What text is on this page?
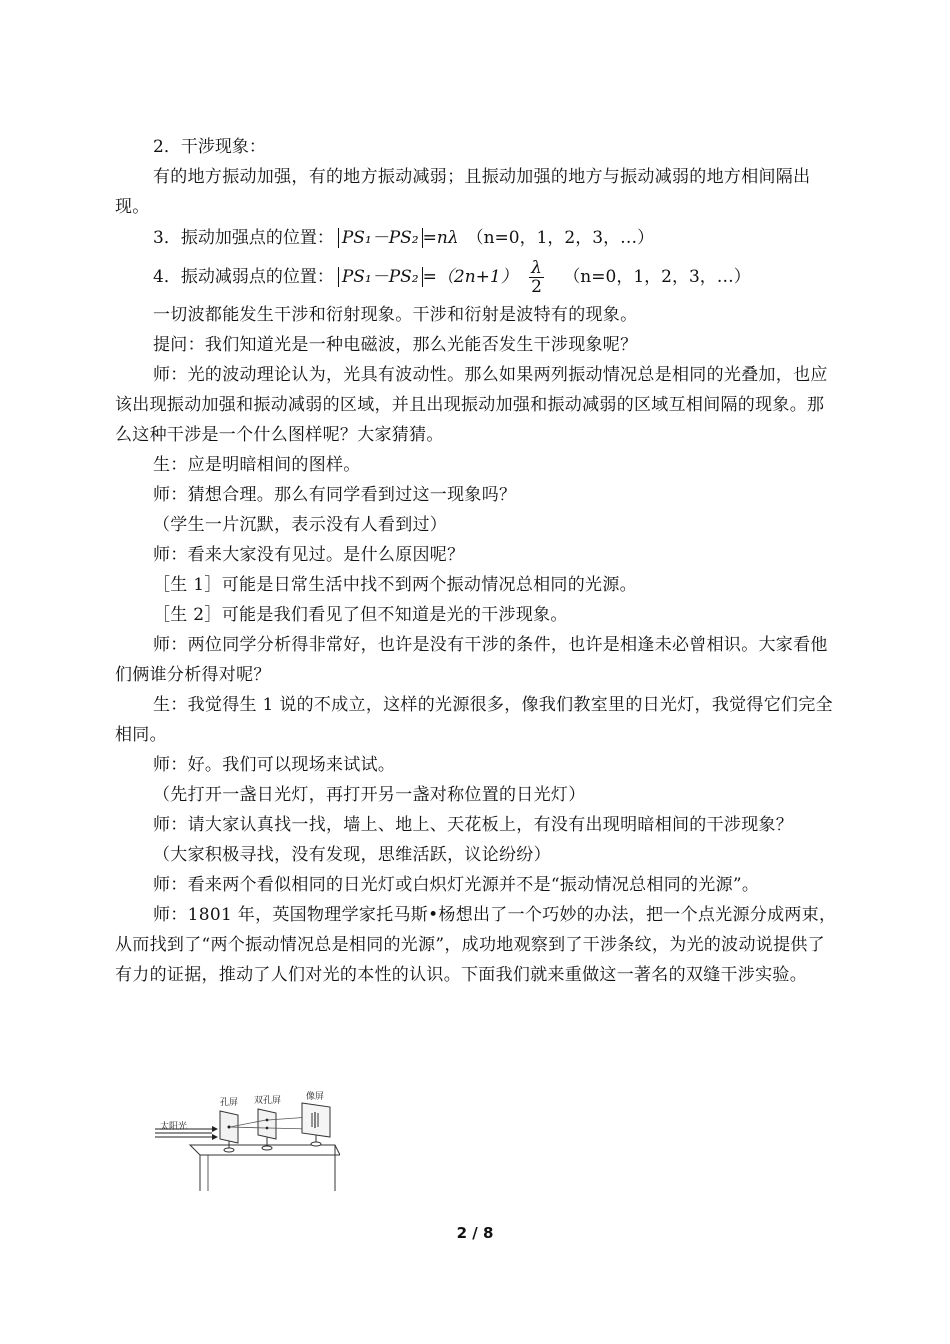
2．干涉现象：

有的地方振动加强，有的地方振动减弱；且振动加强的地方与振动减弱的地方相间隔出现。

3．振动加强点的位置： PS₁－PS₂ =nλ （n=0，1，2，3，…）
4．振动减弱点的位置： $PS_1-PS_2 =(2n+1) \frac{\lambda}{2} (n=0$，1，2，3，…）

一切波都能发生干涉和衍射现象。干涉和衍射是波特有的现象。

提问：我们知道光是一种电磁波，那么光能否发生干涉现象呢？

师：光的波动理论认为，光具有波动性。那么如果两列振动情况总是相同的光叠加，也应该出现振动加强和振动减弱的区域，并且出现振动加强和振动减弱的区域互相间隔的现象。那么这种干涉是一个什么图样呢？大家猜猜。

生：应是明暗相间的图样。

师：猜想合理。那么有同学看到过这一现象吗？

（学生一片沉默，表示没有人看到过）

师：看来大家没有见过。是什么原因呢？

［生 1］可能是日常生活中找不到两个振动情况总相同的光源。

［生 2］可能是我们看见了但不知道是光的干涉现象。

师：两位同学分析得非常好，也许是没有干涉的条件，也许是相逢未必曾相识。大家看他们俩谁分析得对呢？

生：我觉得生 1 说的不成立，这样的光源很多，像我们教室里的日光灯，我觉得它们完全相同。

师：好。我们可以现场来试试。

（先打开一盏日光灯，再打开另一盏对称位置的日光灯）

师：请大家认真找一找，墙上、地上、天花板上，有没有出现明暗相间的干涉现象？

（大家积极寻找，没有发现，思维活跃，议论纷纷）

师：看来两个看似相同的日光灯或白炽灯光源并不是“振动情况总相同的光源”。

师：1801 年，英国物理学家托马斯•杨想出了一个巧妙的办法，把一个点光源分成两束，从而找到了“两个振动情况总是相同的光源”，成功地观察到了干涉条纹，为光的波动说提供了有力的证据，推动了人们对光的本性的认识。下面我们就来重做这一著名的双缝干涉实验。

太阳光
孔屏 双孔屏	像屏
2 / 8
